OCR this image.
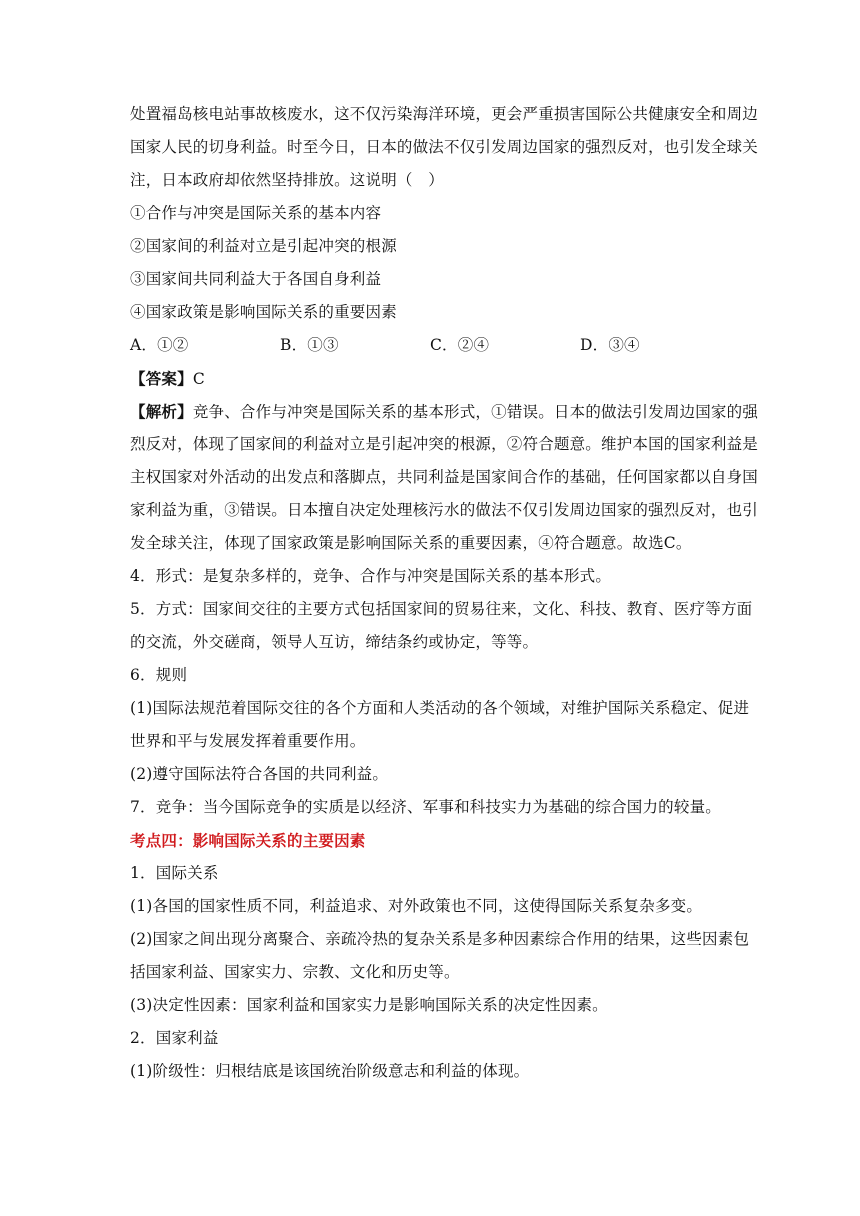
处置福岛核电站事故核废水，这不仅污染海洋环境，更会严重损害国际公共健康安全和周边
国家人民的切身利益。时至今日，日本的做法不仅引发周边国家的强烈反对，也引发全球关
注，日本政府却依然坚持排放。这说明（　）
①合作与冲突是国际关系的基本内容
②国家间的利益对立是引起冲突的根源
③国家间共同利益大于各国自身利益
④国家政策是影响国际关系的重要因素
A．①②	B．①③	C．②④	D．③④
【答案】C
【解析】竞争、合作与冲突是国际关系的基本形式，①错误。日本的做法引发周边国家的强
烈反对，体现了国家间的利益对立是引起冲突的根源，②符合题意。维护本国的国家利益是
主权国家对外活动的出发点和落脚点，共同利益是国家间合作的基础，任何国家都以自身国
家利益为重，③错误。日本擅自决定处理核污水的做法不仅引发周边国家的强烈反对，也引
发全球关注，体现了国家政策是影响国际关系的重要因素，④符合题意。故选C。
4．形式：是复杂多样的，竞争、合作与冲突是国际关系的基本形式。
5．方式：国家间交往的主要方式包括国家间的贸易往来，文化、科技、教育、医疗等方面
的交流，外交磋商，领导人互访，缔结条约或协定，等等。
6．规则
(1)国际法规范着国际交往的各个方面和人类活动的各个领域，对维护国际关系稳定、促进
世界和平与发展发挥着重要作用。
(2)遵守国际法符合各国的共同利益。
7．竞争：当今国际竞争的实质是以经济、军事和科技实力为基础的综合国力的较量。
考点四：影响国际关系的主要因素
1．国际关系
(1)各国的国家性质不同，利益追求、对外政策也不同，这使得国际关系复杂多变。
(2)国家之间出现分离聚合、亲疏冷热的复杂关系是多种因素综合作用的结果，这些因素包
括国家利益、国家实力、宗教、文化和历史等。
(3)决定性因素：国家利益和国家实力是影响国际关系的决定性因素。
2．国家利益
(1)阶级性：归根结底是该国统治阶级意志和利益的体现。
